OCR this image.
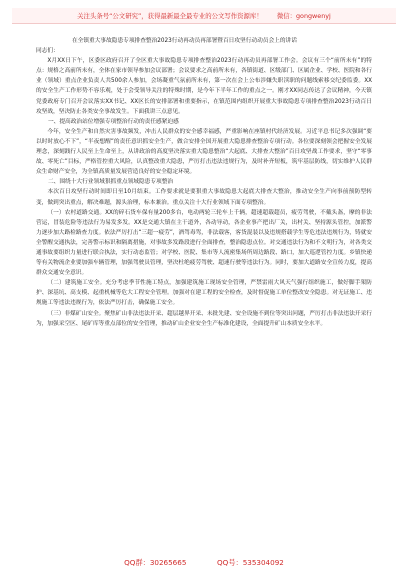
关注头条号“公文研究”，获得最新最全最专业的公文写作资源库！ 微信：gongwenyj

在全镇重大事故隐患专项排查整治2023行动再动员再部署暨百日攻坚行动动员会上的讲话

同志们：

X月XX日下午，区委区政府召开了全区重大事故隐患专项排查整治2023行动再动员再部署工作会。会议有三个“前所未有”的特点：规格之高前所未有，全体在家市领导参加会议部署；会议要求之高前所未有，各镇街道、区级部门、区属企业、学校、医院和各行业（领域）重点企业负责人共500余人参加，会场凝重气氛前所未有，第一次在会上公布涉嫌失职渎职的问题线索移交纪委监委。XX的安全生产工作形势不容乐观，处于会受领导关注的特殊时期，是今年下半年工作的重点之一。刚才XX同志传达了会议精神，今天镇党委政府专门召开会议落实XX书记、XX区长的安排部署和重要指示，在镇范围内组织开展重大事故隐患专项排查整治2023行动百日攻坚战，坚决防止各类安全事故发生。下面我讲三点意见。

一、提高政治站位增强专项整治行动的责任感紧迫感

今年，安全生产和自然灾害事故频发，冲击人民群众的安全感幸福感，严重影响在座镇村代经济发展。习近平总书记多次强调“要以时时放心不下”，“半夜想醒”的责任意识抓安全生产，做合安排全国开展重大隐患排查整治专项行动。各位要深刻领会把握安全发展理念，深刻践行人民至上生命至上，从讲政治的高度坚决落实重大隐患整治“大起底、大排查大整治”百日攻坚战工作要求，坚守“零事故、零死亡”目标，严格管控重大风险，认真整改重大隐患，严厉打击违法违规行为，及时补齐短板，筑牢基层防线，切实维护人民群众生命财产安全，为全镇高质量发展营造良好的安全稳定环境。

二、围绕十大行业领域狠抓重点领域隐患专项整治

本次百日攻坚行动时间即日至10月结束。工作要求就是要狠重大事故隐患大起底大排查大整治，推动安全生产向事前预防型转变，做到突出重点，解决难题，源头治理，标本兼治。重点关注十大行业领域下面专项整治。

（一）农村道路交通。XX的碎石货车保有量200多台，电动两轮三轮车上千辆，超速超载超员，疲劳驾驶，不戴头盔，摩的非法营运，冒装危险等违法行为易发多发。XX是交通大镇在主干道外，各动导动，各企业事产把出厂关，出村关、坚持源头管控，加派警力逐步加大路检路查力度。依法严厉打击“三超一疲劳”，酒驾毒驾，非法载客，客货混装以及违规搭载学生等危违法违规行为，铸就安全警醒交通执法，完善警示标识和隔离措施，对事故多发路段进行全面排查，整治隐患点位。对交通违法行为和不文明行为，对各类交通事故要组织力量进行联合执法，实行动态监管；对学校、医院、集市等人流密集场所周边路段、路口，加大巡逻管控力度。乡镇快递等有关物流企业要加强车辆管理，加强驾驶员管理，坚决杜绝疲劳驾驶、超速行驶等违法行为。同时，要加大道路安全宣传力度，提高群众交通安全意识。

（二）建筑施工安全。充分考虑季节性施工特点，加强建筑施工现场安全管理，严禁雷雨大风天气强行组织施工，做好脚手架防护、深基坑、高支模、起重机械等危大工程安全管理。加强对在建工程的安全检查，及时督促施工单位整改安全隐患。对无证施工、违规施工等违法违规行为，依法严厉打击，确保施工安全。

（三）非煤矿山安全。聚焦矿山非法违法开采、超层越界开采、未批先建、安全设施不到位等突出问题，严厉打击非法违法开采行为，加强采空区、尾矿库等重点部位的安全管理，推动矿山企业安全生产标准化建设，全面提升矿山本质安全水平。

QQ群：30265665	QQ号：535304092
